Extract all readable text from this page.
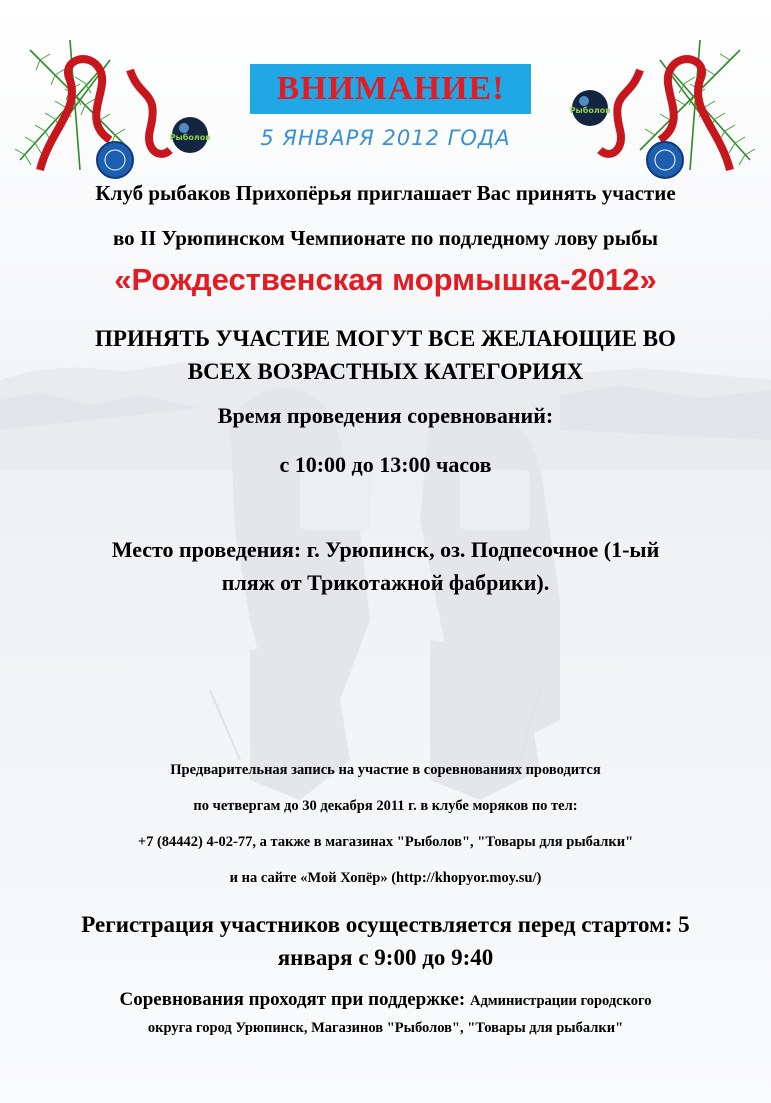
Рыболов
Рыболов
ВНИМАНИЕ!
5 ЯНВАРЯ 2012 ГОДА
Клуб рыбаков Прихопёрья приглашает Вас принять участие
во II Урюпинском Чемпионате по подледному лову рыбы
«Рождественская мормышка-2012»
ПРИНЯТЬ УЧАСТИЕ МОГУТ ВСЕ ЖЕЛАЮЩИЕ ВО
ВСЕХ ВОЗРАСТНЫХ КАТЕГОРИЯХ
Время проведения соревнований:
с 10:00 до 13:00 часов
Место проведения: г. Урюпинск, оз. Подпесочное (1-ый
пляж от Трикотажной фабрики).
Предварительная запись на участие в соревнованиях проводится
по четвергам до 30 декабря 2011 г. в клубе моряков по тел:
+7 (84442) 4-02-77, а также в магазинах "Рыболов", "Товары для рыбалки"
и на сайте «Мой Хопёр» (http://khopyor.moy.su/)
Регистрация участников осуществляется перед стартом: 5
января с 9:00 до 9:40
Соревнования проходят при поддержке: Администрации городского
округа город Урюпинск, Магазинов "Рыболов", "Товары для рыбалки"
